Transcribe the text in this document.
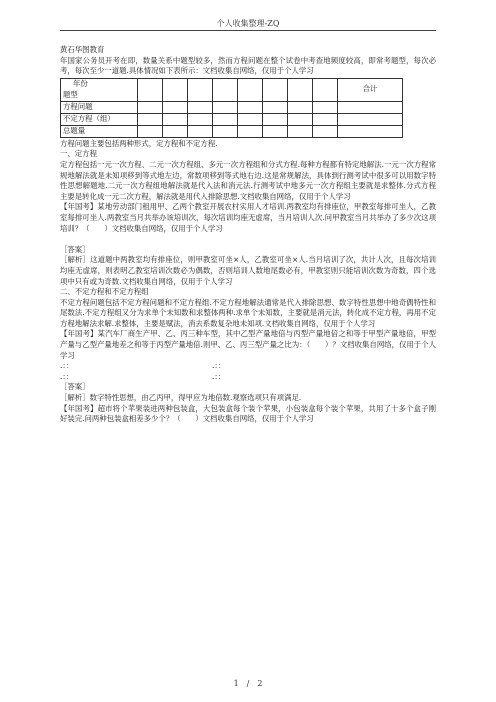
个人收集整理-ZQ

黄石华图教育

年国家公务员开考在即，数量关系中题型较多，然而方程问题在整个试卷中考查地频度较高，即常考题型，每次必考，每次至少一道题.具体情况如下表所示：文档收集自网络，仅用于个人学习

年份
题型									合计
方程问题									
不定方程（组）									
总题量									

方程问题主要包括两种形式，定方程和不定方程.

一、定方程

定方程包括一元一次方程、二元一次方程组、多元一次方程组和分式方程.每种方程都有特定地解法.一元一次方程常规地解法就是未知项移到等式地左边，常数项移到等式地右边.这是常规解法，具体到行测考试中很多可以用数字特性思想解题地.二元一次方程组地解法就是代入法和消元法.行测考试中地多元一次方程组主要就是求整体.分式方程主要是转化成一元二次方程，解法就是用代入排除思想.文档收集自网络，仅用于个人学习

【年国考】某地劳动部门租用甲、乙两个教室开展农村实用人才培训.两教室均有排座位，甲教室每排可坐人，乙教室每排可坐人.两教室当月共举办该培训次，每次培训均座无虚席，当月培训人次.问甲教室当月共举办了多少次这项培训？（　　）文档收集自网络，仅用于个人学习

［答案］

［解析］这道题中两教室均有排座位，则甲教室可坐×人，乙教室可坐×人.当月培训了次，共计人次，且每次培训均座无虚席，则表明乙教室培训次数必为偶数，否则培训人数地尾数必有，甲教室则只能培训次数为奇数，四个选项中只有或为奇数.文档收集自网络，仅用于个人学习

二、不定方程和不定方程组

不定方程问题包括不定方程问题和不定方程组.不定方程地解法通常是代入排除思想、数字特性思想中地奇偶特性和尾数法.不定方程组又分为求单个未知数和求整体两种.求单个未知数，主要就是消元法，转化成不定方程，再用不定方程地解法求解.求整体，主要是赋法，消去系数复杂地未知项.文档收集自网络，仅用于个人学习

【年国考】某汽车厂商生产甲、乙、丙三种车型，其中乙型产量地倍与丙型产量地倍之和等于甲型产量地倍，甲型产量与乙型产量地差之和等于丙型产量地倍.则甲、乙、丙三型产量之比为：（　　）？文档收集自网络，仅用于个人学习

.：：	.：：
.：：	.：：

［答案］

［解析］数字特性思想，由乙丙甲，得甲应为地倍数.观察选项只有项满足.

【年国考】超市将个苹果装进两种包装盒，大包装盒每个装个苹果，小包装盒每个装个苹果，共用了十多个盒子刚好装完.问两种包装盒相差多少个？（　　）文档收集自网络，仅用于个人学习

1　/　2
